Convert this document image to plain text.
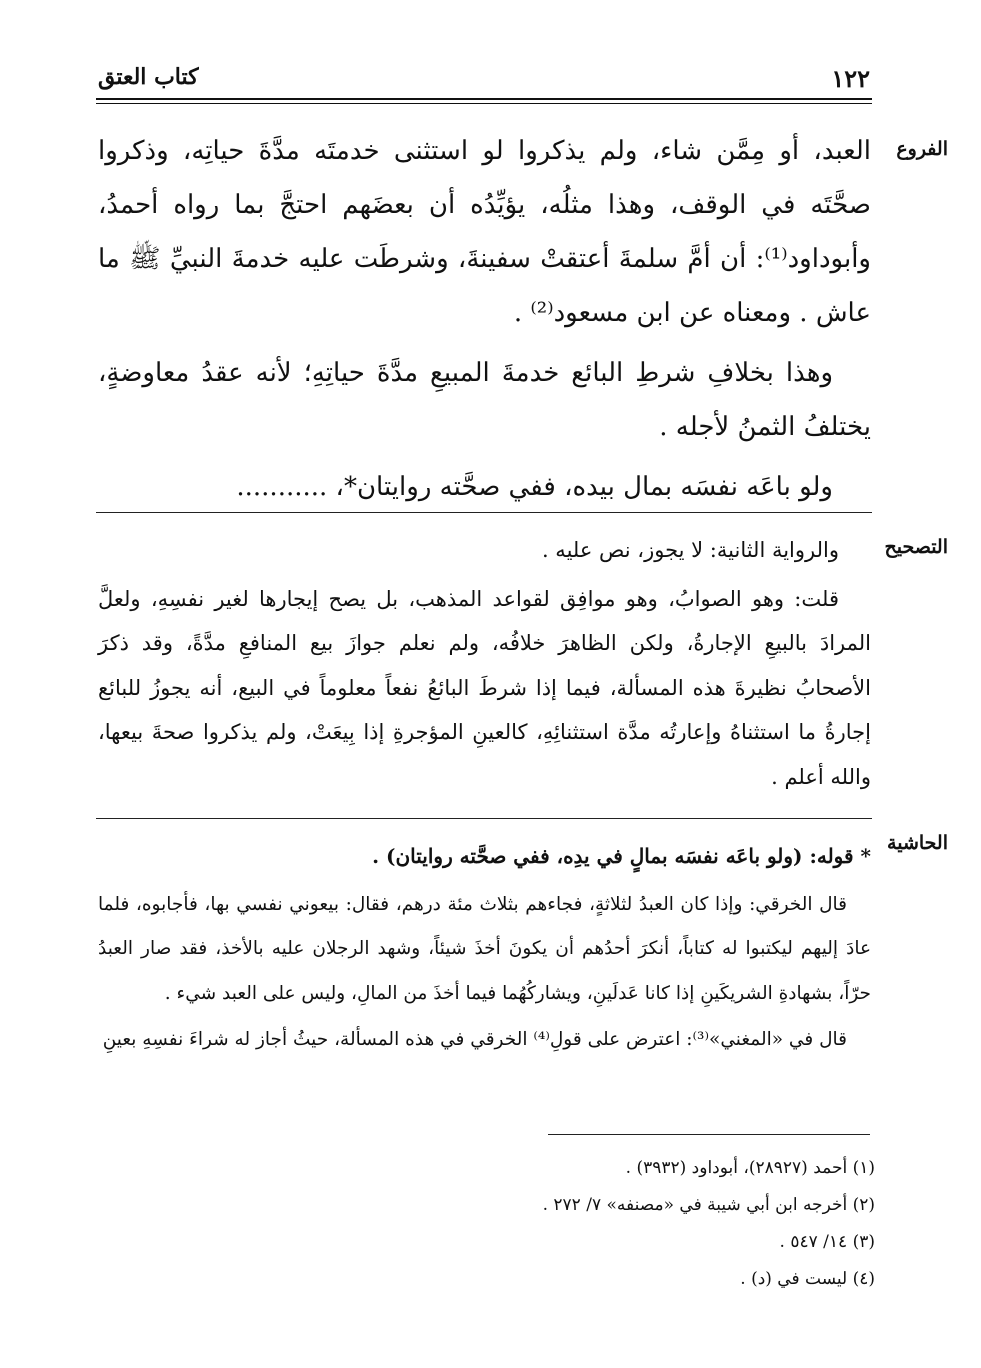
١٢٢
كتاب العتق
الفروع

العبد، أو مِمَّن شاء، ولم يذكروا لو استثنى خدمتَه مدَّةَ حياتِه، وذكروا صحَّتَه في الوقف، وهذا مثلُه، يؤيِّدُه أن بعضَهم احتجَّ بما رواه أحمدُ، وأبوداود⁽¹⁾: أن أمَّ سلمةَ أعتقتْ سفينةَ، وشرطَت عليه خدمةَ النبيِّ ﷺ ما عاش . ومعناه عن ابن مسعود⁽²⁾ .

وهذا بخلافِ شرطِ البائع خدمةَ المبيعِ مدَّةَ حياتِهِ؛ لأنه عقدُ معاوضةٍ، يختلفُ الثمنُ لأجله .

ولو باعَه نفسَه بمال بيده، ففي صحَّته روايتان*، ...........

التصحيح

والرواية الثانية: لا يجوز، نص عليه .

قلت: وهو الصوابُ، وهو موافِق لقواعد المذهب، بل يصح إيجارها لغير نفسِهِ، ولعلَّ المرادَ بالبيعِ الإجارةُ، ولكن الظاهرَ خلافُه، ولم نعلم جوازَ بيع المنافعِ مدَّةً، وقد ذكرَ الأصحابُ نظيرةَ هذه المسألة، فيما إذا شرطَ البائعُ نفعاً معلوماً في البيع، أنه يجوزُ للبائع إجارةُ ما استثناهُ وإعارتُه مدَّة استثنائِهِ، كالعينِ المؤجرةِ إذا بِيعَتْ، ولم يذكروا صحةَ بيعها، والله أعلم .

الحاشية

* قوله: (ولو باعَه نفسَه بمالٍ في يدِه، ففي صحَّته روايتان) .

قال الخرقي: وإذا كان العبدُ لثلاثةٍ، فجاءهم بثلاث مئة درهم، فقال: بيعوني نفسي بها، فأجابوه، فلما عادَ إليهم ليكتبوا له كتاباً، أنكرَ أحدُهم أن يكونَ أخذَ شيئاً، وشهد الرجلان عليه بالأخذ، فقد صار العبدُ حرّاً، بشهادةِ الشريكَينِ إذا كانا عَدلَينِ، ويشاركُهُما فيما أخذَ من المالِ، وليس على العبد شيء .

قال في «المغني»⁽³⁾: اعترض على قولِ⁽⁴⁾ الخرقي في هذه المسألة، حيثُ أجاز له شراءَ نفسِهِ بعينِ

(١) أحمد (٢٨٩٢٧)، أبوداود (٣٩٣٢) .

(٢) أخرجه ابن أبي شيبة في «مصنفه» ٧/ ٢٧٢ .

(٣) ١٤/ ٥٤٧ .

(٤) ليست في (د) .
